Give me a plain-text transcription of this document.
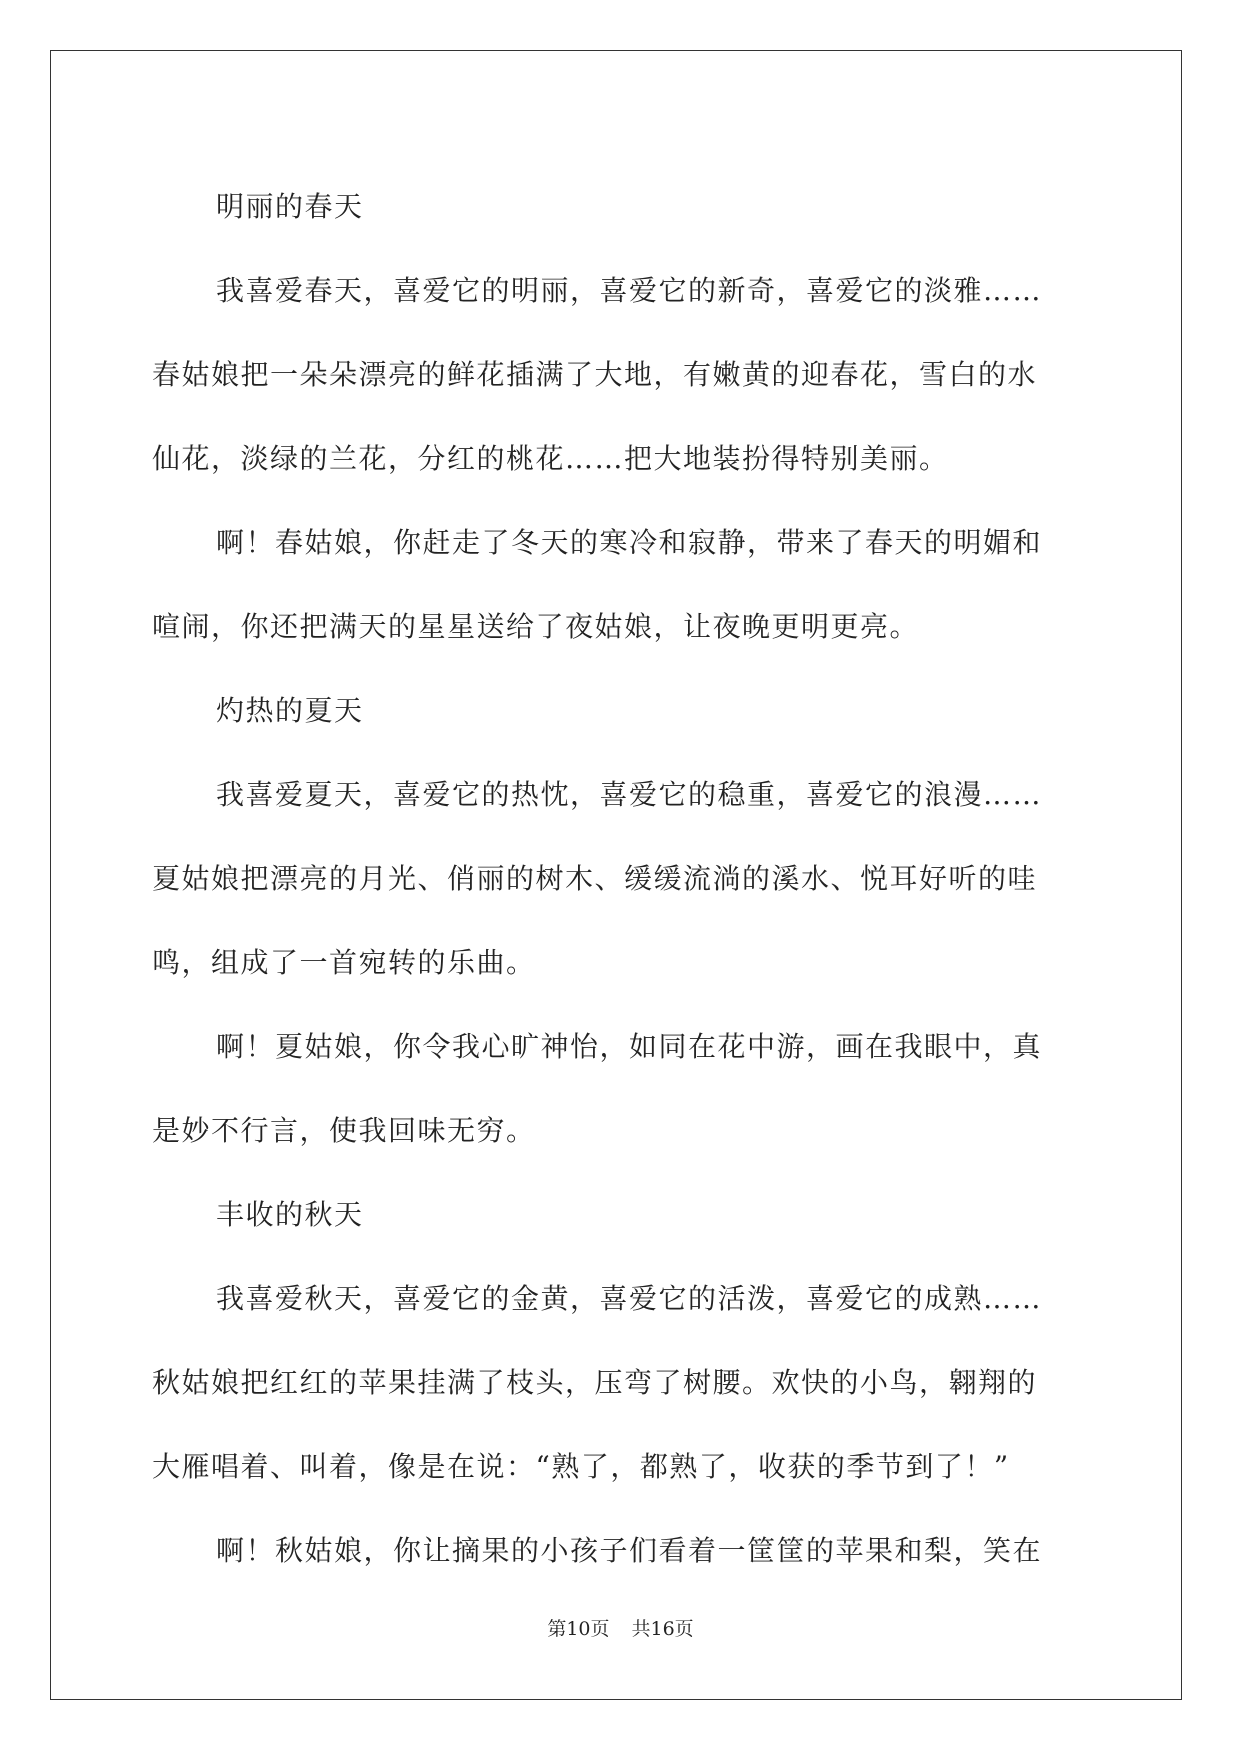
明丽的春天
我喜爱春天，喜爱它的明丽，喜爱它的新奇，喜爱它的淡雅……
春姑娘把一朵朵漂亮的鲜花插满了大地，有嫩黄的迎春花，雪白的水
仙花，淡绿的兰花，分红的桃花……把大地装扮得特别美丽。
啊！春姑娘，你赶走了冬天的寒冷和寂静，带来了春天的明媚和
喧闹，你还把满天的星星送给了夜姑娘，让夜晚更明更亮。
灼热的夏天
我喜爱夏天，喜爱它的热忱，喜爱它的稳重，喜爱它的浪漫……
夏姑娘把漂亮的月光、俏丽的树木、缓缓流淌的溪水、悦耳好听的哇
鸣，组成了一首宛转的乐曲。
啊！夏姑娘，你令我心旷神怡，如同在花中游，画在我眼中，真
是妙不行言，使我回味无穷。
丰收的秋天
我喜爱秋天，喜爱它的金黄，喜爱它的活泼，喜爱它的成熟……
秋姑娘把红红的苹果挂满了枝头，压弯了树腰。欢快的小鸟，翱翔的
大雁唱着、叫着，像是在说：“熟了，都熟了，收获的季节到了！”
啊！秋姑娘，你让摘果的小孩子们看着一筐筐的苹果和梨，笑在
第10页 共16页
